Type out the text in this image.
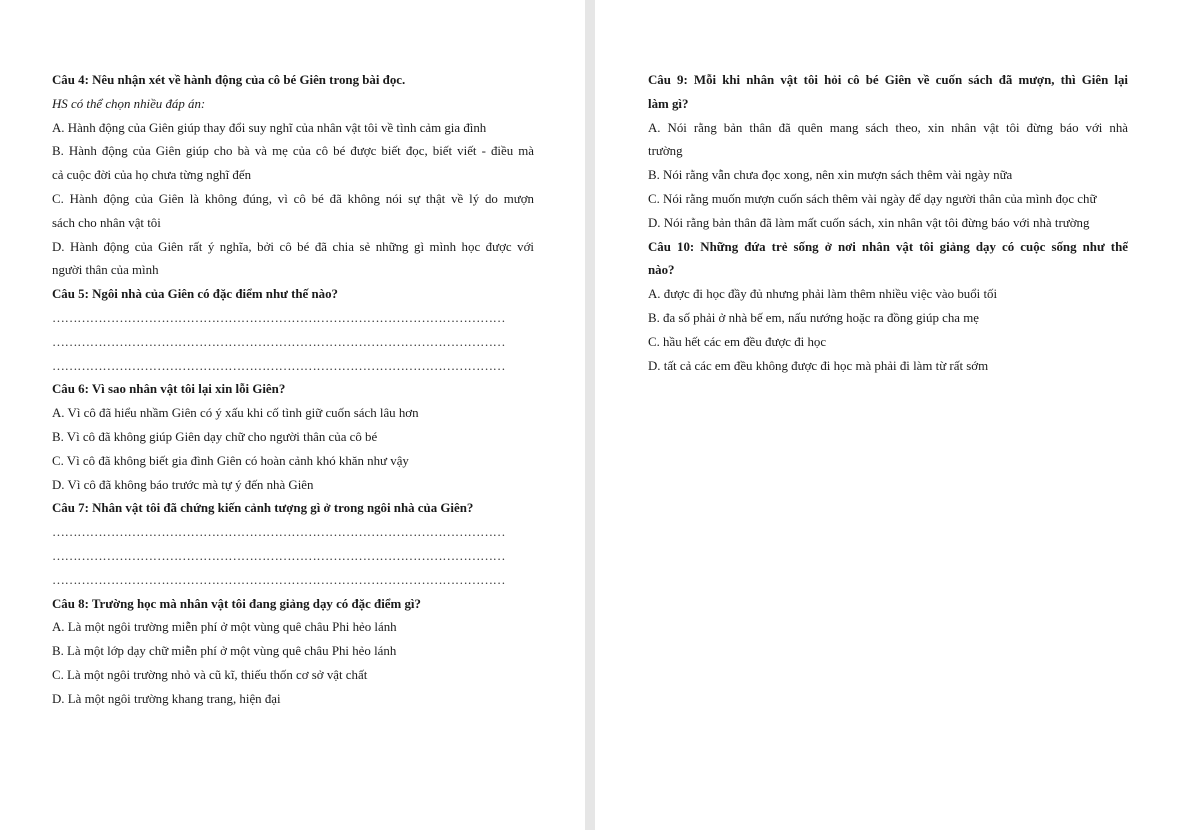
Câu 4: Nêu nhận xét về hành động của cô bé Giên trong bài đọc.
HS có thể chọn nhiều đáp án:
A. Hành động của Giên giúp thay đổi suy nghĩ của nhân vật tôi về tình cảm gia đình
B. Hành động của Giên giúp cho bà và mẹ của cô bé được biết đọc, biết viết - điều mà
cả cuộc đời của họ chưa từng nghĩ đến
C. Hành động của Giên là không đúng, vì cô bé đã không nói sự thật về lý do mượn
sách cho nhân vật tôi
D. Hành động của Giên rất ý nghĩa, bởi cô bé đã chia sẻ những gì mình học được với
người thân của mình
Câu 5: Ngôi nhà của Giên có đặc điểm như thế nào?
………………………………………………………………………………………………
………………………………………………………………………………………………
………………………………………………………………………………………………
Câu 6: Vì sao nhân vật tôi lại xin lỗi Giên?
A. Vì cô đã hiểu nhầm Giên có ý xấu khi cố tình giữ cuốn sách lâu hơn
B. Vì cô đã không giúp Giên dạy chữ cho người thân của cô bé
C. Vì cô đã không biết gia đình Giên có hoàn cảnh khó khăn như vậy
D. Vì cô đã không báo trước mà tự ý đến nhà Giên
Câu 7: Nhân vật tôi đã chứng kiến cảnh tượng gì ở trong ngôi nhà của Giên?
………………………………………………………………………………………………
………………………………………………………………………………………………
………………………………………………………………………………………………
Câu 8: Trường học mà nhân vật tôi đang giảng dạy có đặc điểm gì?
A. Là một ngôi trường miễn phí ở một vùng quê châu Phi hẻo lánh
B. Là một lớp dạy chữ miễn phí ở một vùng quê châu Phi hẻo lánh
C. Là một ngôi trường nhỏ và cũ kĩ, thiếu thốn cơ sở vật chất
D. Là một ngôi trường khang trang, hiện đại
Câu 9: Mỗi khi nhân vật tôi hỏi cô bé Giên về cuốn sách đã mượn, thì Giên lại
làm gì?
A. Nói rằng bản thân đã quên mang sách theo, xin nhân vật tôi đừng báo với nhà
trường
B. Nói rằng vẫn chưa đọc xong, nên xin mượn sách thêm vài ngày nữa
C. Nói rằng muốn mượn cuốn sách thêm vài ngày để dạy người thân của mình đọc chữ
D. Nói rằng bản thân đã làm mất cuốn sách, xin nhân vật tôi đừng báo với nhà trường
Câu 10: Những đứa trẻ sống ở nơi nhân vật tôi giảng dạy có cuộc sống như thế
nào?
A. được đi học đầy đủ nhưng phải làm thêm nhiều việc vào buổi tối
B. đa số phải ở nhà bế em, nấu nướng hoặc ra đồng giúp cha mẹ
C. hầu hết các em đều được đi học
D. tất cả các em đều không được đi học mà phải đi làm từ rất sớm
